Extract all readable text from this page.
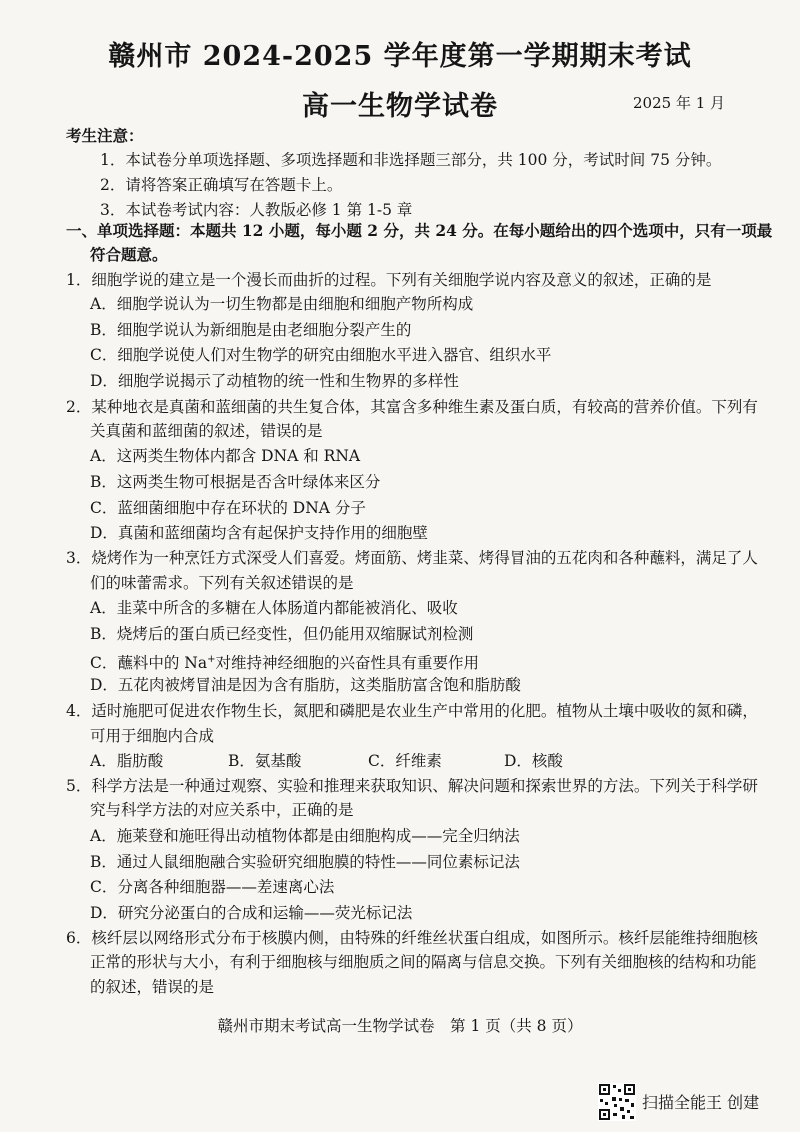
赣州市 2024-2025 学年度第一学期期末考试
高一生物学试卷	2025 年 1 月
考生注意：
1．本试卷分单项选择题、多项选择题和非选择题三部分，共 100 分，考试时间 75 分钟。
2．请将答案正确填写在答题卡上。
3．本试卷考试内容：人教版必修 1 第 1-5 章
一、单项选择题：本题共 12 小题，每小题 2 分，共 24 分。在每小题给出的四个选项中，只有一项最
符合题意。
1．细胞学说的建立是一个漫长而曲折的过程。下列有关细胞学说内容及意义的叙述，正确的是
A．细胞学说认为一切生物都是由细胞和细胞产物所构成
B．细胞学说认为新细胞是由老细胞分裂产生的
C．细胞学说使人们对生物学的研究由细胞水平进入器官、组织水平
D．细胞学说揭示了动植物的统一性和生物界的多样性
2．某种地衣是真菌和蓝细菌的共生复合体，其富含多种维生素及蛋白质，有较高的营养价值。下列有
关真菌和蓝细菌的叙述，错误的是
A．这两类生物体内都含 DNA 和 RNA
B．这两类生物可根据是否含叶绿体来区分
C．蓝细菌细胞中存在环状的 DNA 分子
D．真菌和蓝细菌均含有起保护支持作用的细胞壁
3．烧烤作为一种烹饪方式深受人们喜爱。烤面筋、烤韭菜、烤得冒油的五花肉和各种蘸料，满足了人
们的味蕾需求。下列有关叙述错误的是
A．韭菜中所含的多糖在人体肠道内都能被消化、吸收
B．烧烤后的蛋白质已经变性，但仍能用双缩脲试剂检测
C．蘸料中的 Na+对维持神经细胞的兴奋性具有重要作用
D．五花肉被烤冒油是因为含有脂肪，这类脂肪富含饱和脂肪酸
4．适时施肥可促进农作物生长，氮肥和磷肥是农业生产中常用的化肥。植物从土壤中吸收的氮和磷，
可用于细胞内合成
A．脂肪酸	B．氨基酸	C．纤维素	D．核酸
5．科学方法是一种通过观察、实验和推理来获取知识、解决问题和探索世界的方法。下列关于科学研
究与科学方法的对应关系中，正确的是
A．施莱登和施旺得出动植物体都是由细胞构成——完全归纳法
B．通过人鼠细胞融合实验研究细胞膜的特性——同位素标记法
C．分离各种细胞器——差速离心法
D．研究分泌蛋白的合成和运输——荧光标记法
6．核纤层以网络形式分布于核膜内侧，由特殊的纤维丝状蛋白组成，如图所示。核纤层能维持细胞核
正常的形状与大小，有利于细胞核与细胞质之间的隔离与信息交换。下列有关细胞核的结构和功能
的叙述，错误的是
赣州市期末考试高一生物学试卷　第 1 页（共 8 页）
扫描全能王 创建
